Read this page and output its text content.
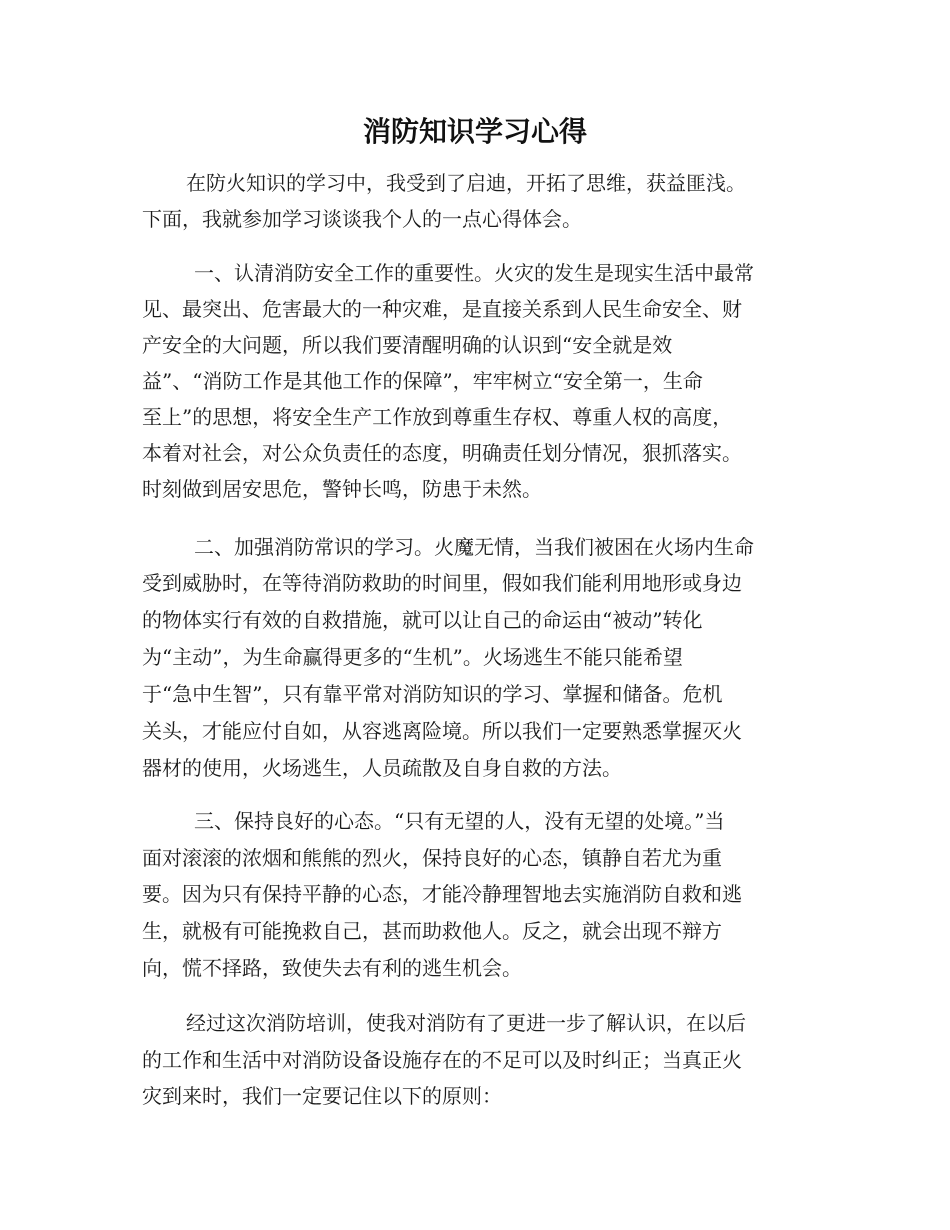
消防知识学习心得
在防火知识的学习中，我受到了启迪，开拓了思维，获益匪浅。
下面，我就参加学习谈谈我个人的一点心得体会。
一、认清消防安全工作的重要性。火灾的发生是现实生活中最常
见、最突出、危害最大的一种灾难，是直接关系到人民生命安全、财
产安全的大问题，所以我们要清醒明确的认识到“安全就是效
益”、“消防工作是其他工作的保障”，牢牢树立“安全第一，生命
至上”的思想，将安全生产工作放到尊重生存权、尊重人权的高度，
本着对社会，对公众负责任的态度，明确责任划分情况，狠抓落实。
时刻做到居安思危，警钟长鸣，防患于未然。
二、加强消防常识的学习。火魔无情，当我们被困在火场内生命
受到威胁时，在等待消防救助的时间里，假如我们能利用地形或身边
的物体实行有效的自救措施，就可以让自己的命运由“被动”转化
为“主动”，为生命赢得更多的“生机”。火场逃生不能只能希望
于“急中生智”，只有靠平常对消防知识的学习、掌握和储备。危机
关头，才能应付自如，从容逃离险境。所以我们一定要熟悉掌握灭火
器材的使用，火场逃生，人员疏散及自身自救的方法。
三、保持良好的心态。“只有无望的人，没有无望的处境。”当
面对滚滚的浓烟和熊熊的烈火，保持良好的心态，镇静自若尤为重
要。因为只有保持平静的心态，才能冷静理智地去实施消防自救和逃
生，就极有可能挽救自己，甚而助救他人。反之，就会出现不辩方
向，慌不择路，致使失去有利的逃生机会。
经过这次消防培训，使我对消防有了更进一步了解认识，在以后
的工作和生活中对消防设备设施存在的不足可以及时纠正；当真正火
灾到来时，我们一定要记住以下的原则：
